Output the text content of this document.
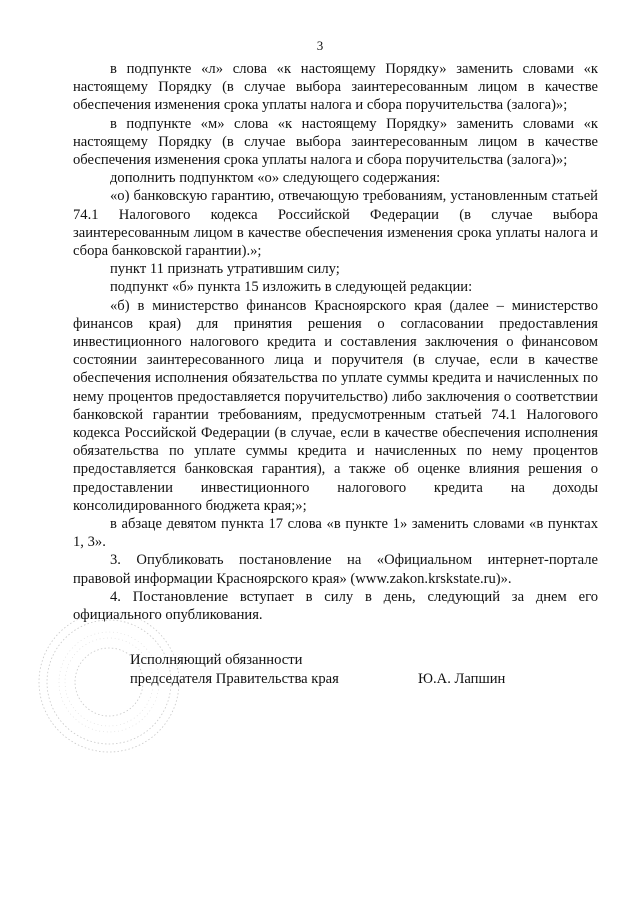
3

в подпункте «л» слова «к настоящему Порядку» заменить словами «к настоящему Порядку (в случае выбора заинтересованным лицом в качестве обеспечения изменения срока уплаты налога и сбора поручительства (залога)»;

в подпункте «м» слова «к настоящему Порядку» заменить словами «к настоящему Порядку (в случае выбора заинтересованным лицом в качестве обеспечения изменения срока уплаты налога и сбора поручительства (залога)»;

дополнить подпунктом «о» следующего содержания:

«о) банковскую гарантию, отвечающую требованиям, установленным статьей 74.1 Налогового кодекса Российской Федерации (в случае выбора заинтересованным лицом в качестве обеспечения изменения срока уплаты налога и сбора банковской гарантии).»;

пункт 11 признать утратившим силу;

подпункт «б» пункта 15 изложить в следующей редакции:

«б) в министерство финансов Красноярского края (далее – министерство финансов края) для принятия решения о согласовании предоставления инвестиционного налогового кредита и составления заключения о финансовом состоянии заинтересованного лица и поручителя (в случае, если в качестве обеспечения исполнения обязательства по уплате суммы кредита и начисленных по нему процентов предоставляется поручительство) либо заключения о соответствии банковской гарантии требованиям, предусмотренным статьей 74.1 Налогового кодекса Российской Федерации (в случае, если в качестве обеспечения исполнения обязательства по уплате суммы кредита и начисленных по нему процентов предоставляется банковская гарантия), а также об оценке влияния решения о предоставлении инвестиционного налогового кредита на доходы консолидированного бюджета края;»;

в абзаце девятом пункта 17 слова «в пункте 1» заменить словами «в пунктах 1, 3».

3. Опубликовать постановление на «Официальном интернет-портале правовой информации Красноярского края» (www.zakon.krskstate.ru)».

4. Постановление вступает в силу в день, следующий за днем его официального опубликования.

Исполняющий обязанности
председателя Правительства края	Ю.А. Лапшин
